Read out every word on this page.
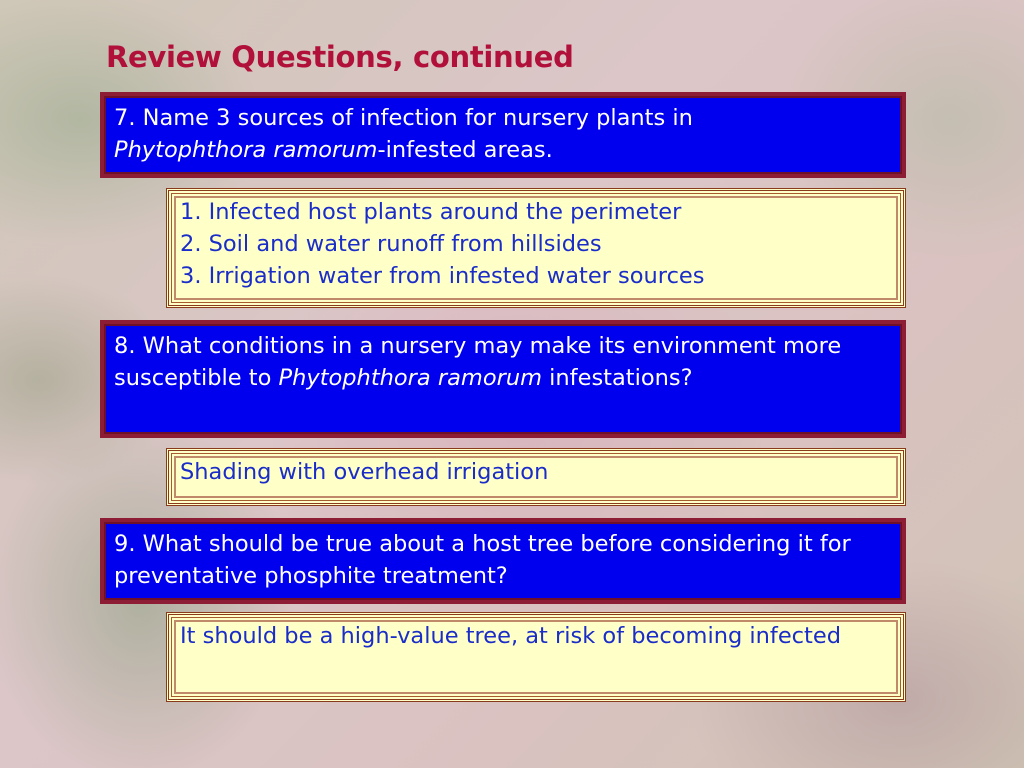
Review Questions, continued
7. Name 3 sources of infection for nursery plants in
Phytophthora ramorum-infested areas.
1. Infected host plants around the perimeter
2. Soil and water runoff from hillsides
3. Irrigation water from infested water sources
8. What conditions in a nursery may make its environment more susceptible to Phytophthora ramorum infestations?
Shading with overhead irrigation
9. What should be true about a host tree before considering it for preventative phosphite treatment?
It should be a high-value tree, at risk of becoming infected
